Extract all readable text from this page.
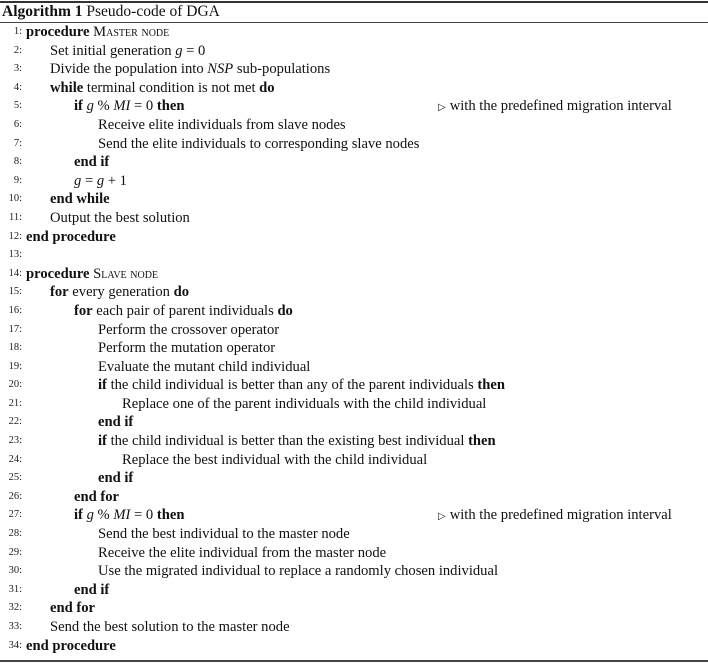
Algorithm 1 Pseudo-code of DGA
1: procedure Master node
2: Set initial generation g = 0
3: Divide the population into NSP sub-populations
4: while terminal condition is not met do
5:	if g % MI = 0 then	▷ with the predefined migration interval
6:	Receive elite individuals from slave nodes
7:	Send the elite individuals to corresponding slave nodes
8:	end if
9:	g = g + 1
10: end while
11: Output the best solution
12: end procedure
13:
14: procedure Slave node
15: for every generation do
16:	for each pair of parent individuals do
17:	Perform the crossover operator
18:	Perform the mutation operator
19:	Evaluate the mutant child individual
20:	if the child individual is better than any of the parent individuals then
21:	Replace one of the parent individuals with the child individual
22:	end if
23:	if the child individual is better than the existing best individual then
24:	Replace the best individual with the child individual
25:	end if
26:	end for
27:	if g % MI = 0 then	▷ with the predefined migration interval
28:	Send the best individual to the master node
29:	Receive the elite individual from the master node
30:	Use the migrated individual to replace a randomly chosen individual
31:	end if
32: end for
33: Send the best solution to the master node
34: end procedure
